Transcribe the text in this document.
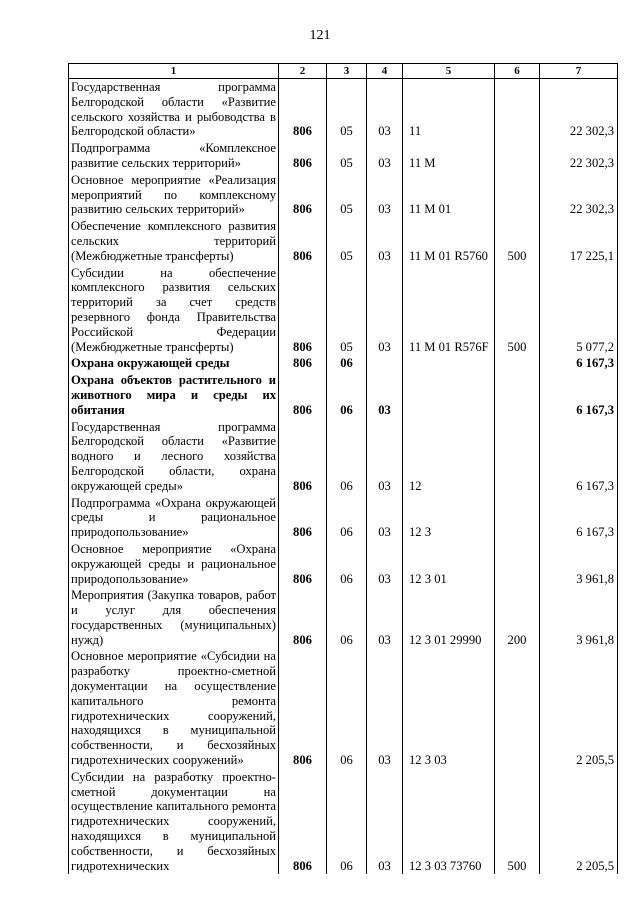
121
1	2	3	4	5	6	7
Государственная программа Белгородской области «Развитие сельского хозяйства и рыбоводства в Белгородской области»	806	05	03	11		22 302,3
Подпрограмма «Комплексное развитие сельских территорий»	806	05	03	11 М		22 302,3
Основное мероприятие «Реализация мероприятий по комплексному развитию сельских территорий»	806	05	03	11 М 01		22 302,3
Обеспечение комплексного развития сельских территорий (Межбюджетные трансферты)	806	05	03	11 М 01 R5760	500	17 225,1
Субсидии на обеспечение комплексного развития сельских территорий за счет средств резервного фонда Правительства Российской Федерации (Межбюджетные трансферты)	806	05	03	11 М 01 R576F	500	5 077,2
Охрана окружающей среды	806	06				6 167,3
Охрана объектов растительного и животного мира и среды их обитания	806	06	03			6 167,3
Государственная программа Белгородской области «Развитие водного и лесного хозяйства Белгородской области, охрана окружающей среды»	806	06	03	12		6 167,3
Подпрограмма «Охрана окружающей среды и рациональное природопользование»	806	06	03	12 3		6 167,3
Основное мероприятие «Охрана окружающей среды и рациональное природопользование»	806	06	03	12 3 01		3 961,8
Мероприятия (Закупка товаров, работ и услуг для обеспечения государственных (муниципальных) нужд)	806	06	03	12 3 01 29990	200	3 961,8
Основное мероприятие «Субсидии на разработку проектно-сметной документации на осуществление капитального ремонта гидротехнических сооружений, находящихся в муниципальной собственности, и бесхозяйных гидротехнических сооружений»	806	06	03	12 3 03		2 205,5
Субсидии на разработку проектно-сметной документации на осуществление капитального ремонта гидротехнических сооружений, находящихся в муниципальной собственности, и бесхозяйных гидротехнических	806	06	03	12 3 03 73760	500	2 205,5
